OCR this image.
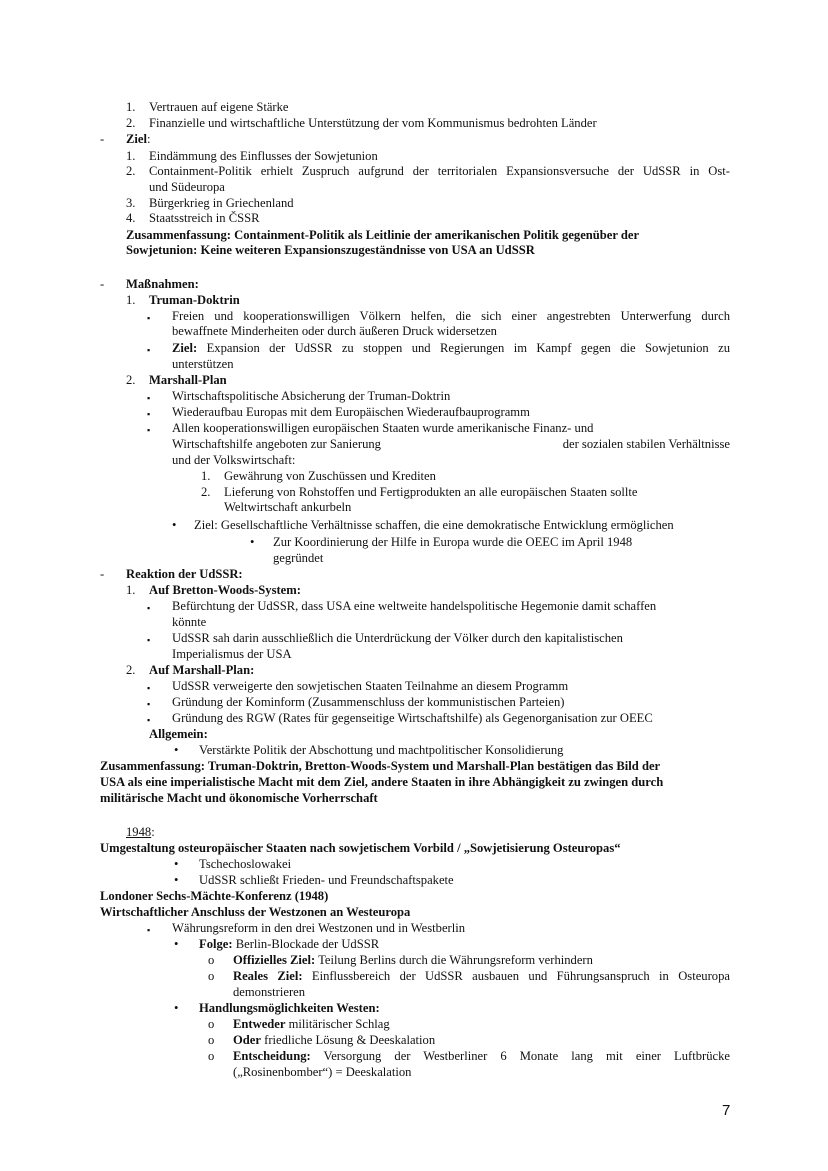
1. Vertrauen auf eigene Stärke
2. Finanzielle und wirtschaftliche Unterstützung der vom Kommunismus bedrohten Länder
- Ziel:
1. Eindämmung des Einflusses der Sowjetunion
2. Containment-Politik erhielt Zuspruch aufgrund der territorialen Expansionsversuche der UdSSR in Ost-
und Südeuropa
3. Bürgerkrieg in Griechenland
4. Staatsstreich in ČSSR
Zusammenfassung: Containment-Politik als Leitlinie der amerikanischen Politik gegenüber der
Sowjetunion: Keine weiteren Expansionszugeständnisse von USA an UdSSR
- Maßnahmen:
1. Truman-Doktrin
▪ Freien und kooperationswilligen Völkern helfen, die sich einer angestrebten Unterwerfung durch
bewaffnete Minderheiten oder durch äußeren Druck widersetzen
▪ Ziel: Expansion der UdSSR zu stoppen und Regierungen im Kampf gegen die Sowjetunion zu
unterstützen
2. Marshall-Plan
▪ Wirtschaftspolitische Absicherung der Truman-Doktrin
▪ Wiederaufbau Europas mit dem Europäischen Wiederaufbauprogramm
▪ Allen kooperationswilligen europäischen Staaten wurde amerikanische Finanz- und
Wirtschaftshilfe angeboten zur Sanierung	der sozialen stabilen Verhältnisse
und der Volkswirtschaft:
1. Gewährung von Zuschüssen und Krediten
2. Lieferung von Rohstoffen und Fertigprodukten an alle europäischen Staaten sollte
Weltwirtschaft ankurbeln
• Ziel: Gesellschaftliche Verhältnisse schaffen, die eine demokratische Entwicklung ermöglichen
• Zur Koordinierung der Hilfe in Europa wurde die OEEC im April 1948
gegründet
- Reaktion der UdSSR:
1. Auf Bretton-Woods-System:
▪ Befürchtung der UdSSR, dass USA eine weltweite handelspolitische Hegemonie damit schaffen
könnte
▪ UdSSR sah darin ausschließlich die Unterdrückung der Völker durch den kapitalistischen
Imperialismus der USA
2. Auf Marshall-Plan:
▪ UdSSR verweigerte den sowjetischen Staaten Teilnahme an diesem Programm
▪ Gründung der Kominform (Zusammenschluss der kommunistischen Parteien)
▪ Gründung des RGW (Rates für gegenseitige Wirtschaftshilfe) als Gegenorganisation zur OEEC
Allgemein:
• Verstärkte Politik der Abschottung und machtpolitischer Konsolidierung
Zusammenfassung: Truman-Doktrin, Bretton-Woods-System und Marshall-Plan bestätigen das Bild der
USA als eine imperialistische Macht mit dem Ziel, andere Staaten in ihre Abhängigkeit zu zwingen durch
militärische Macht und ökonomische Vorherrschaft
1948:
Umgestaltung osteuropäischer Staaten nach sowjetischem Vorbild / „Sowjetisierung Osteuropas“
• Tschechoslowakei
• UdSSR schließt Frieden- und Freundschaftspakete
Londoner Sechs-Mächte-Konferenz (1948)
Wirtschaftlicher Anschluss der Westzonen an Westeuropa
▪ Währungsreform in den drei Westzonen und in Westberlin
• Folge: Berlin-Blockade der UdSSR
o Offizielles Ziel: Teilung Berlins durch die Währungsreform verhindern
o Reales Ziel: Einflussbereich der UdSSR ausbauen und Führungsanspruch in Osteuropa
demonstrieren
• Handlungsmöglichkeiten Westen:
o Entweder militärischer Schlag
o Oder friedliche Lösung & Deeskalation
o Entscheidung: Versorgung der Westberliner 6 Monate lang mit einer Luftbrücke
(„Rosinenbomber“) = Deeskalation
7
